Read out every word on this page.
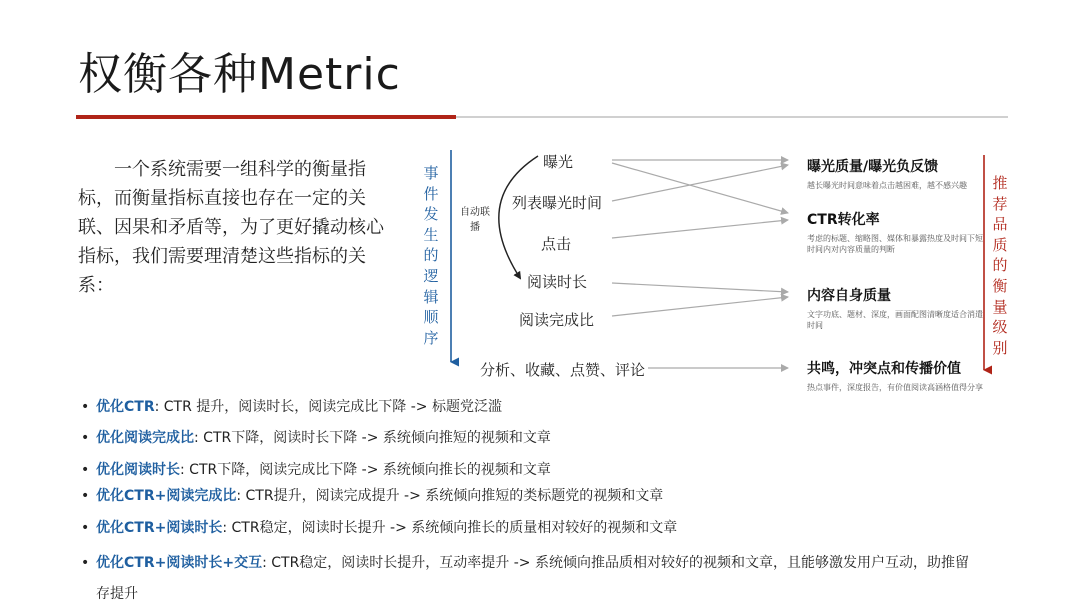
权衡各种Metric

一个系统需要一组科学的衡量指标，而衡量指标直接也存在一定的关联、因果和矛盾等，为了更好撬动核心指标，我们需要理清楚这些指标的关系：

事件发生的逻辑顺序
推荐品质的衡量级别
自动联播
曝光
列表曝光时间
点击
阅读时长
阅读完成比
分析、收藏、点赞、评论
曝光质量/曝光负反馈
越长曝光时间意味着点击越困难，越不感兴趣
CTR转化率
考虑的标题、缩略图、媒体和暴露热度及时间下短时间内对内容质量的判断
内容自身质量
文字功底、题材、深度，画面配图清晰度适合消遣时间
共鸣，冲突点和传播价值
热点事件，深度报告，有价值阅读高涵格值得分享
• 优化CTR: CTR 提升，阅读时长，阅读完成比下降 -> 标题党泛滥
• 优化阅读完成比: CTR下降，阅读时长下降 -> 系统倾向推短的视频和文章
• 优化阅读时长: CTR下降，阅读完成比下降 -> 系统倾向推长的视频和文章
• 优化CTR+阅读完成比: CTR提升，阅读完成提升 -> 系统倾向推短的类标题党的视频和文章
• 优化CTR+阅读时长: CTR稳定，阅读时长提升 -> 系统倾向推长的质量相对较好的视频和文章
• 优化CTR+阅读时长+交互: CTR稳定，阅读时长提升，互动率提升 -> 系统倾向推品质相对较好的视频和文章，且能够激发用户互动，助推留存提升
